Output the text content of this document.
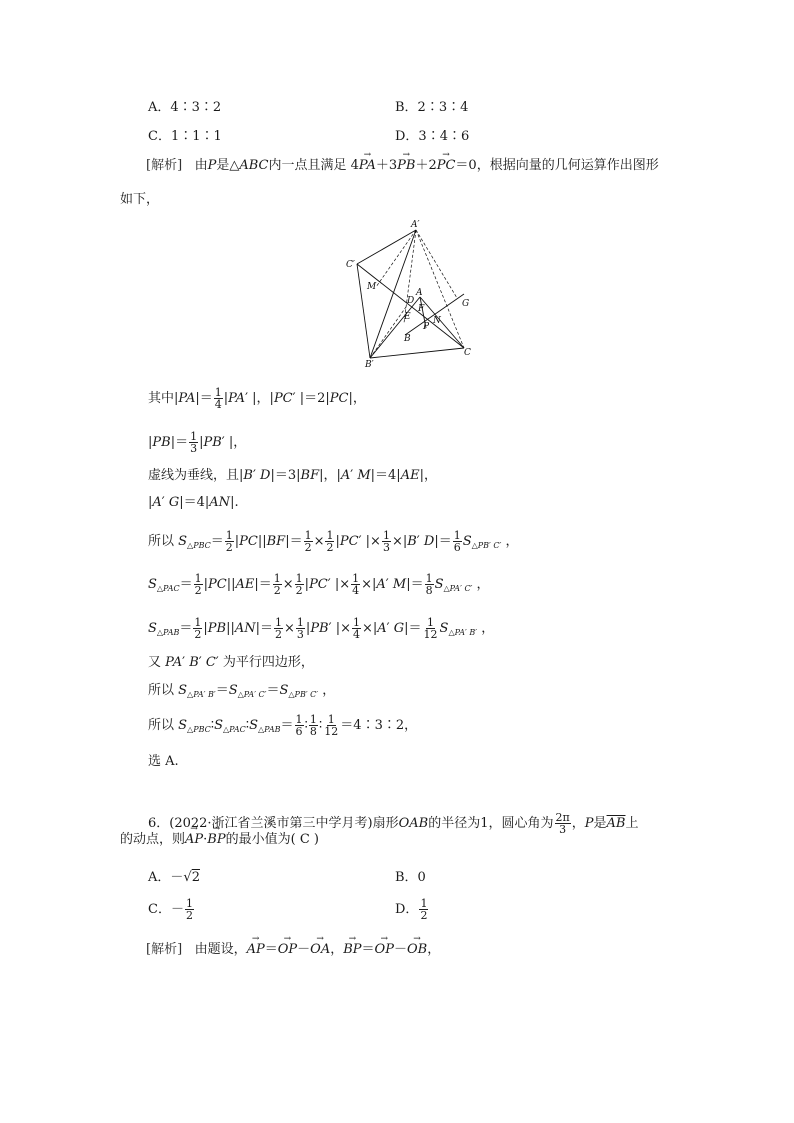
A．4∶3∶2	B．2∶3∶4
C．1∶1∶1	D．3∶4∶6
[解析] 由P是△ABC内一点且满足 4→ PA＋3→ PB＋2→ PC＝0，根据向量的几何运算作出图形
如下，
A′
C′
M
D
A
F	G
E N
P
B
C
B′
其中$|PA|= \frac{1}{4} |PA'$ |，|PC′ |＝2|PC|，
$|PB|= \frac{1}{3} |PB'$ |，
虚线为垂线，且|B′ D|＝3|BF|，|A′ M|＝4|AE|，
|A′ G|＝4|AN|.
所以 $S_{\triangle PBC}= \frac{1}{2} |PC||BF|= \frac{1}{2} \times \frac{1}{2} |PC'$ |× $\frac{1}{3} \times|B'$ $D|= \frac{1}{6} S_{\triangle PB' C'}$ ，
$S_{\triangle PAC}= \frac{1}{2} |PC||AE|= \frac{1}{2} \times \frac{1}{2} |PC'$ |× $\frac{1}{4} \times|A'$ $M|= \frac{1}{8} S_{\triangle PA' C'}$ ，
$S_{\triangle PAB}= \frac{1}{2} |PB||AN|= \frac{1}{2} \times \frac{1}{3} |PB'$ |× $\frac{1}{4} \times|A'$ $G|= \frac{1}{12} S_{\triangle PA' B'}$ ，
又 PA′ B′ C′ 为平行四边形，
所以 $S_{\triangle PA' B'}=S_{\triangle PA' C'}=S_{\triangle PB' C'}$ ，
所以 $S_{\triangle PBC}∶S_{\triangle PAC}∶S_{\triangle PAB}= \frac{1}{6}$ ∶ $\frac{1}{8}$ ∶ $\frac{1}{12}$ ＝4∶3∶2，
选 A.
6．(2022·浙江省兰溪市第三中学月考)扇形OAB的半径为1，圆心角为 $\frac{2\pi}{3}$ ，P是$\overline{AB}$上
的动点，则→ AP·→ BP的最小值为( C )
A．－√2	B．0
C．－ $\frac{1}{2}$	D． $\frac{1}{2}$
[解析] 由题设，→ AP＝→ OP－→ OA，→ BP＝→ OP－→ OB，
